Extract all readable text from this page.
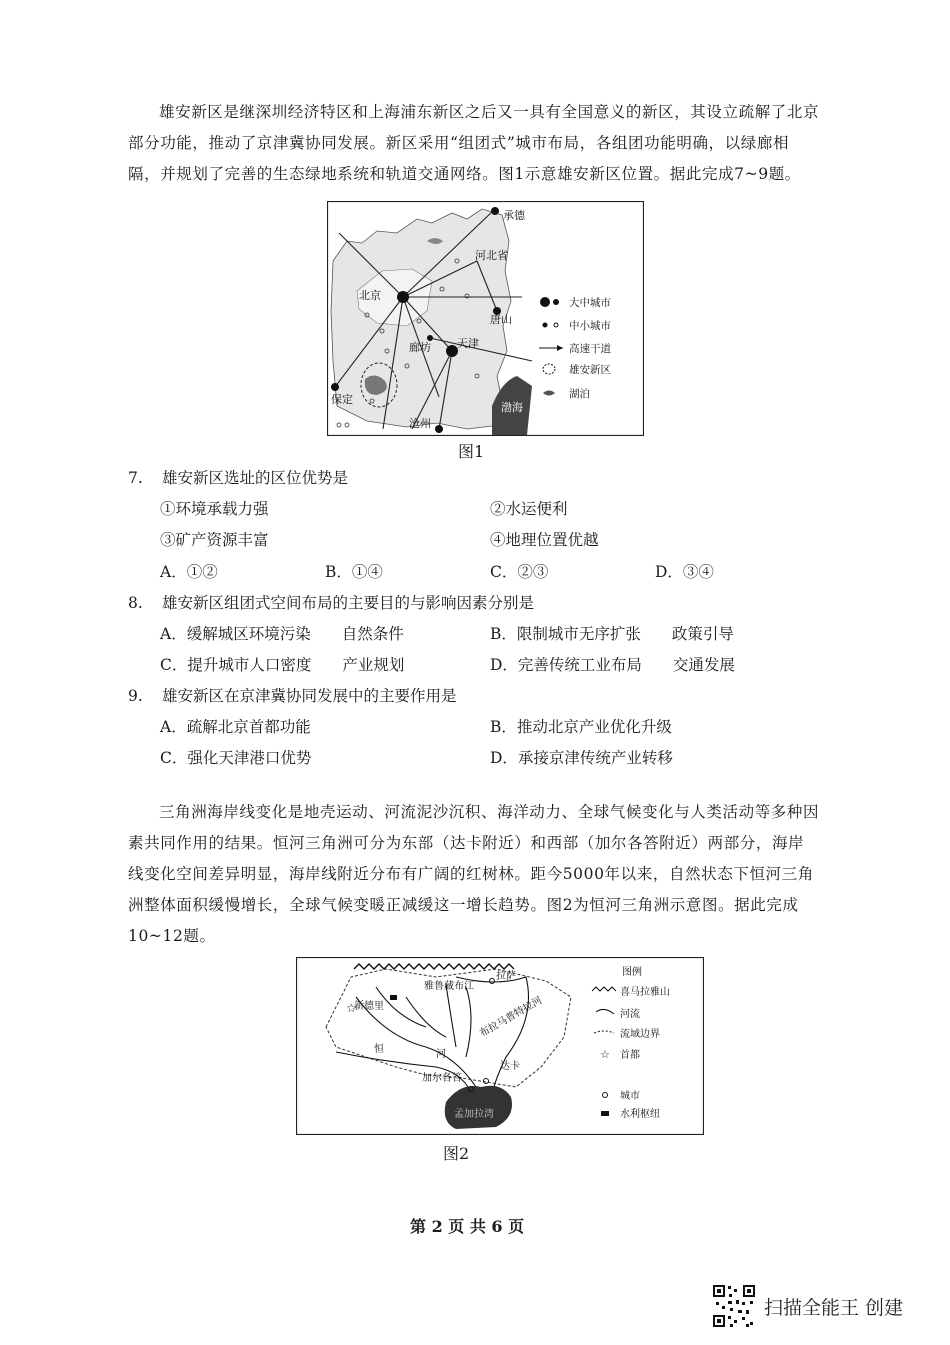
雄安新区是继深圳经济特区和上海浦东新区之后又一具有全国意义的新区，其设立疏解了北京部分功能，推动了京津冀协同发展。新区采用“组团式”城市布局，各组团功能明确，以绿廊相隔，并规划了完善的生态绿地系统和轨道交通网络。图1示意雄安新区位置。据此完成7~9题。
承德
河北省
北京
唐山
廊坊 天津
保定
沧州
渤海
大中城市
中小城市
高速干道
雄安新区
湖泊
图1
7. 雄安新区选址的区位优势是
①环境承载力强	②水运便利
③矿产资源丰富	④地理位置优越
A．①②	B．①④	C．②③	D．③④
8. 雄安新区组团式空间布局的主要目的与影响因素分别是
A．缓解城区环境污染　　自然条件	B．限制城市无序扩张　　政策引导
C．提升城市人口密度　　产业规划	D．完善传统工业布局　　交通发展
9. 雄安新区在京津冀协同发展中的主要作用是
A．疏解北京首都功能	B．推动北京产业优化升级
C．强化天津港口优势	D．承接京津传统产业转移
三角洲海岸线变化是地壳运动、河流泥沙沉积、海洋动力、全球气候变化与人类活动等多种因素共同作用的结果。恒河三角洲可分为东部（达卡附近）和西部（加尔各答附近）两部分，海岸线变化空间差异明显，海岸线附近分布有广阔的红树林。距今5000年以来，自然状态下恒河三角洲整体面积缓慢增长，全球气候变暖正减缓这一增长趋势。图2为恒河三角洲示意图。据此完成10~12题。
☆
拉萨
雅鲁藏布江
新德里	布拉马普特拉河
恒	河
加尔各答
达卡
孟加拉湾
图例
喜马拉雅山
河流
流域边界
☆ 首都
城市
水利枢纽
图2
第 2 页 共 6 页
扫描全能王 创建
